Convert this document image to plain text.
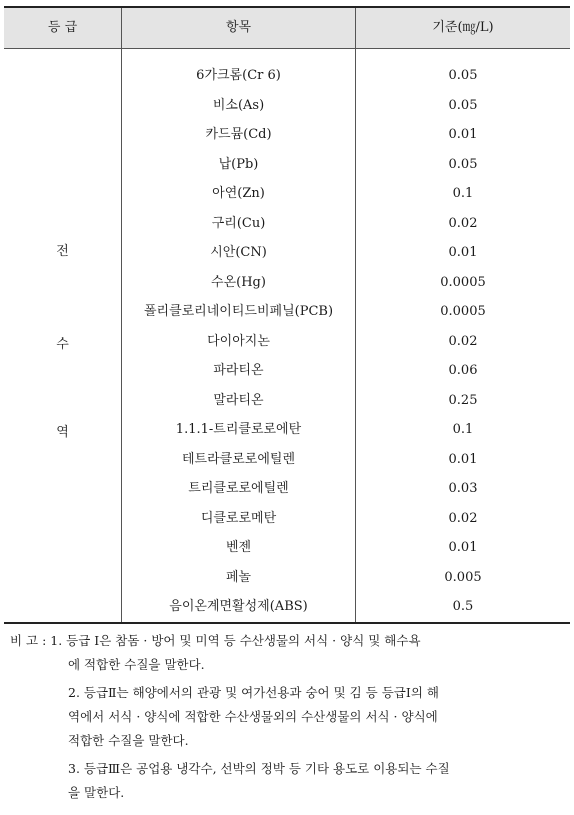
등 급	항목	기준(㎎/L)
전
수
역
6가크롬(Cr 6)	0.05
비소(As)	0.05
카드뮴(Cd)	0.01
납(Pb)	0.05
아연(Zn)	0.1
구리(Cu)	0.02
시안(CN)	0.01
수온(Hg)	0.0005
폴리클로리네이티드비페닐(PCB)	0.0005
다이아지논	0.02
파라티온	0.06
말라티온	0.25
1.1.1-트리클로로에탄	0.1
테트라클로로에틸렌	0.01
트리클로로에틸렌	0.03
디클로로메탄	0.02
벤젠	0.01
페놀	0.005
음이온계면활성제(ABS)	0.5
비 고 : 1. 등급 Ⅰ은 참돔 · 방어 및 미역 등 수산생물의 서식 · 양식 및 해수욕
에 적합한 수질을 말한다.
2. 등급Ⅱ는 해양에서의 관광 및 여가선용과 숭어 및 김 등 등급Ⅰ의 해
역에서 서식 · 양식에 적합한 수산생물외의 수산생물의 서식 · 양식에
적합한 수질을 말한다.
3. 등급Ⅲ은 공업용 냉각수, 선박의 정박 등 기타 용도로 이용되는 수질
을 말한다.
